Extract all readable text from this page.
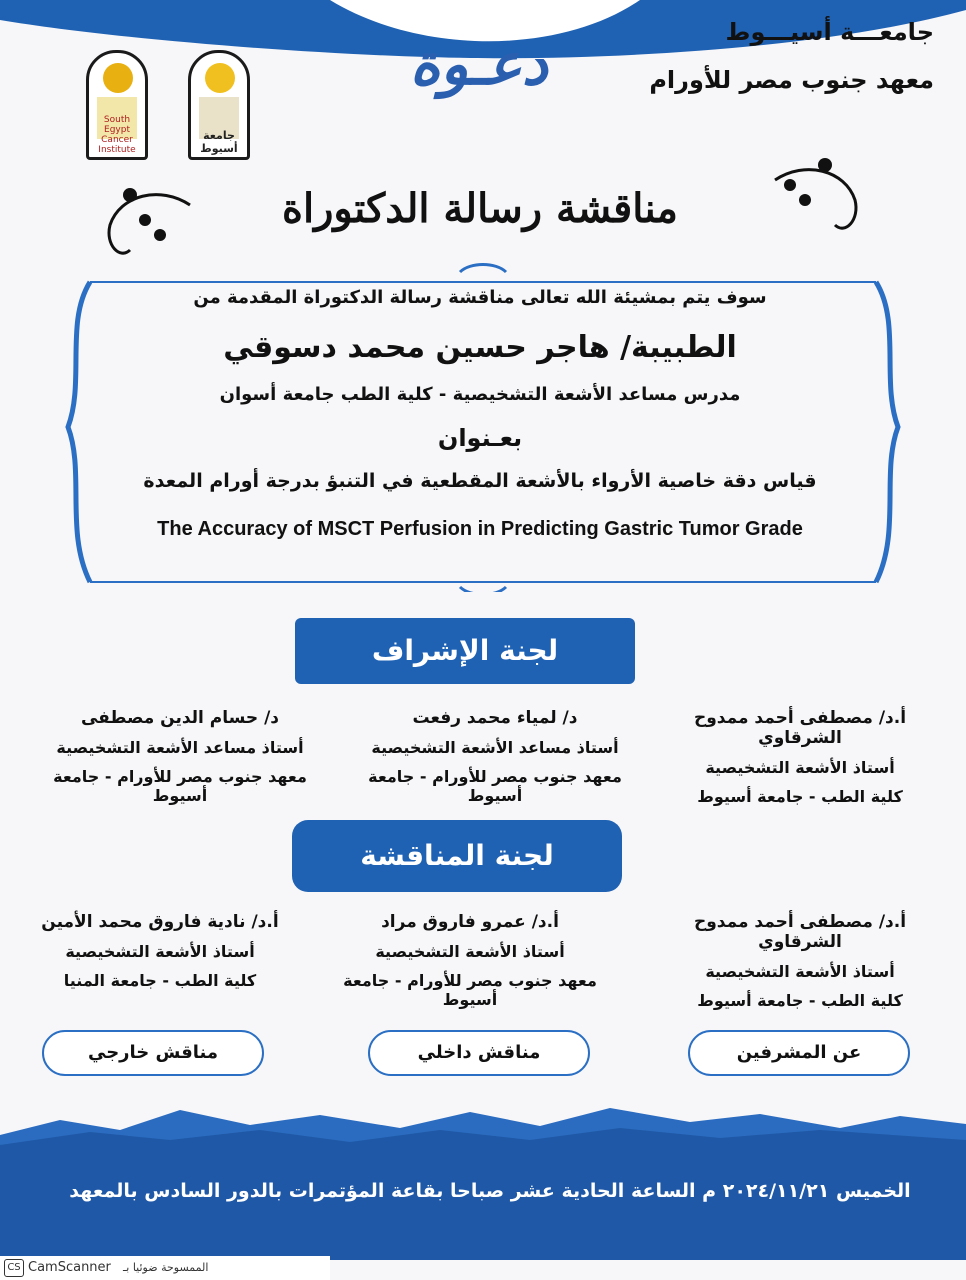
جامعـــة أسيـــوط
معهد جنوب مصر للأورام
South Egypt Cancer Institute
جامعة أسيوط
دعـوة
مناقشة رسالة الدكتوراة
سوف يتم بمشيئة الله تعالى مناقشة رسالة الدكتوراة المقدمة من
الطبيبة/ هاجر حسين محمد دسوقي
مدرس مساعد الأشعة التشخيصية - كلية الطب جامعة أسوان
بعـنوان
قياس دقة خاصية الأرواء بالأشعة المقطعية في التنبؤ بدرجة أورام المعدة
The Accuracy of MSCT Perfusion in Predicting Gastric Tumor Grade
لجنة الإشراف
أ.د/ مصطفى أحمد ممدوح الشرقاوي
أستاذ الأشعة التشخيصية
كلية الطب - جامعة أسيوط
د/ لمياء محمد رفعت
أستاذ مساعد الأشعة التشخيصية
معهد جنوب مصر للأورام - جامعة أسيوط
د/ حسام الدين مصطفى
أستاذ مساعد الأشعة التشخيصية
معهد جنوب مصر للأورام - جامعة أسيوط
لجنة المناقشة
أ.د/ مصطفى أحمد ممدوح الشرقاوي
أستاذ الأشعة التشخيصية
كلية الطب - جامعة أسيوط
أ.د/ عمرو فاروق مراد
أستاذ الأشعة التشخيصية
معهد جنوب مصر للأورام - جامعة أسيوط
أ.د/ نادية فاروق محمد الأمين
أستاذ الأشعة التشخيصية
كلية الطب - جامعة المنيا
عن المشرفين
مناقش داخلي
مناقش خارجي
الخميس ٢٠٢٤/١١/٢١ م الساعة الحادية عشر صباحا بقاعة المؤتمرات بالدور السادس بالمعهد
CS CamScanner الممسوحة ضوئيا بـ
